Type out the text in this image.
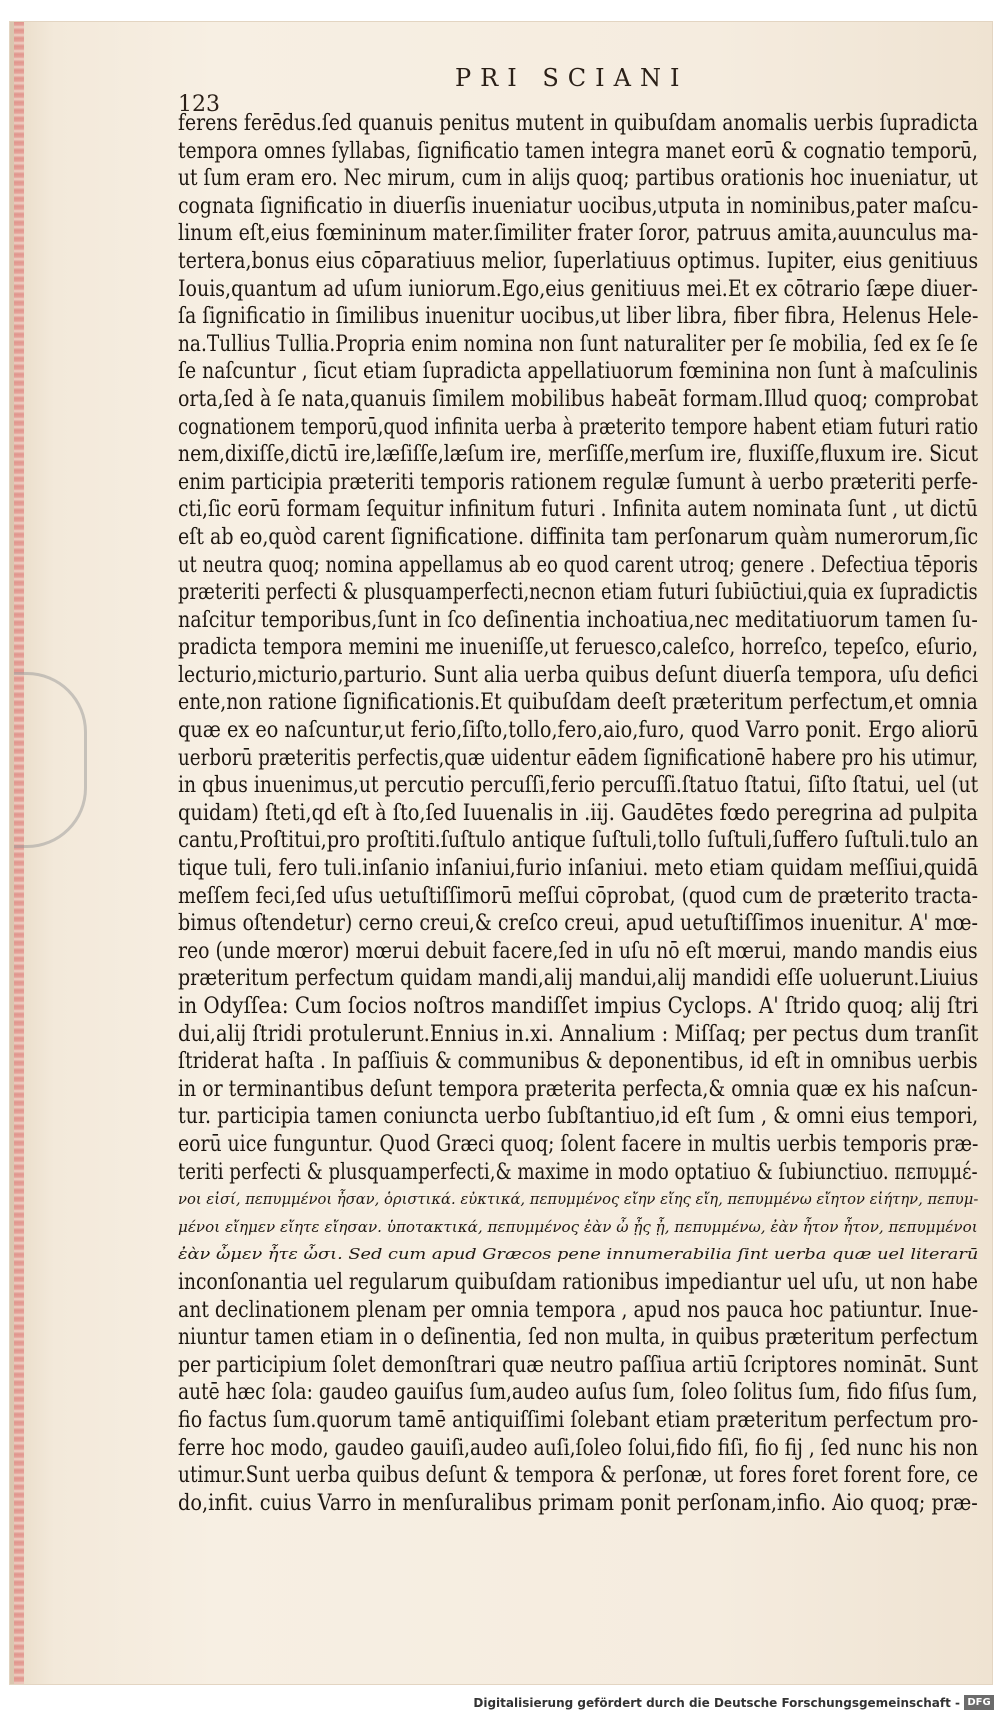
123
PRI SCIANI
ferens ferēdus.ſed quanuis penitus mutent in quibuſdam anomalis uerbis ſupradicta
tempora omnes ſyllabas, ſignificatio tamen integra manet eorū & cognatio temporū,
ut ſum eram ero. Nec mirum, cum in alijs quoq; partibus orationis hoc inueniatur, ut
cognata ſignificatio in diuerſis inueniatur uocibus,utputa in nominibus,pater maſcu-
linum eſt,eius fœmininum mater.ſimiliter frater ſoror, patruus amita,auunculus ma-
tertera,bonus eius cōparatiuus melior, ſuperlatiuus optimus. Iupiter, eius genitiuus
Iouis,quantum ad uſum iuniorum.Ego,eius genitiuus mei.Et ex cōtrario ſæpe diuer-
ſa ſignificatio in ſimilibus inuenitur uocibus,ut liber libra, fiber fibra, Helenus Hele-
na.Tullius Tullia.Propria enim nomina non ſunt naturaliter per ſe mobilia, ſed ex ſe ſe
ſe naſcuntur , ſicut etiam ſupradicta appellatiuorum fœminina non ſunt à maſculinis
orta,ſed à ſe nata,quanuis ſimilem mobilibus habeāt formam.Illud quoq; comprobat
cognationem temporū,quod infinita uerba à præterito tempore habent etiam futuri ratio
nem,dixiſſe,dictū ire,læſiſſe,læſum ire, merſiſſe,merſum ire, fluxiſſe,fluxum ire. Sicut
enim participia præteriti temporis rationem regulæ ſumunt à uerbo præteriti perfe-
cti,ſic eorū formam ſequitur infinitum futuri . Infinita autem nominata ſunt , ut dictū
eſt ab eo,quòd carent ſignificatione. diffinita tam perſonarum quàm numerorum,ſic
ut neutra quoq; nomina appellamus ab eo quod carent utroq; genere . Defectiua tēporis
præteriti perfecti & plusquamperfecti,necnon etiam futuri ſubiūctiui,quia ex ſupradictis
naſcitur temporibus,ſunt in ſco deſinentia inchoatiua,nec meditatiuorum tamen ſu-
pradicta tempora memini me inueniſſe,ut feruesco,caleſco, horreſco, tepeſco, eſurio,
lecturio,micturio,parturio. Sunt alia uerba quibus deſunt diuerſa tempora, uſu defici
ente,non ratione ſignificationis.Et quibuſdam deeſt præteritum perfectum,et omnia
quæ ex eo naſcuntur,ut ferio,ſiſto,tollo,fero,aio,furo, quod Varro ponit. Ergo aliorū
uerborū præteritis perfectis,quæ uidentur eādem ſignificationē habere pro his utimur,
in qbus inuenimus,ut percutio percuſſi,ferio percuſſi.ſtatuo ſtatui, ſiſto ſtatui, uel (ut
quidam) ſteti,qd eſt à ſto,ſed Iuuenalis in .iij. Gaudētes fœdo peregrina ad pulpita
cantu,Proſtitui,pro proſtiti.ſuſtulo antique ſuſtuli,tollo ſuſtuli,ſuffero ſuſtuli.tulo an
tique tuli, fero tuli.inſanio inſaniui,furio inſaniui. meto etiam quidam meſſiui,quidā
meſſem feci,ſed uſus uetuſtiſſimorū meſſui cōprobat, (quod cum de præterito tracta-
bimus oſtendetur) cerno creui,& creſco creui, apud uetuſtiſſimos inuenitur. A' mœ-
reo (unde mœror) mœrui debuit facere,ſed in uſu nō eſt mœrui, mando mandis eius
præteritum perfectum quidam mandi,alij mandui,alij mandidi eſſe uoluerunt.Liuius
in Odyſſea: Cum ſocios noſtros mandiſſet impius Cyclops. A' ſtrido quoq; alij ſtri
dui,alij ſtridi protulerunt.Ennius in.xi. Annalium : Miſſaq; per pectus dum tranſit
ſtriderat haſta . In paſſiuis & communibus & deponentibus, id eſt in omnibus uerbis
in or terminantibus deſunt tempora præterita perfecta,& omnia quæ ex his naſcun-
tur. participia tamen coniuncta uerbo ſubſtantiuo,id eſt ſum , & omni eius tempori,
eorū uice funguntur. Quod Græci quoq; ſolent facere in multis uerbis temporis præ-
teriti perfecti & plusquamperfecti,& maxime in modo optatiuo & ſubiunctiuo. πεπυμμέ-
νοι εἰσί, πεπυμμένοι ἦσαν, ὁριστικά. εὐκτικά, πεπυμμένος εἴην εἴης εἴη, πεπυμμένω εἴητον εἰήτην, πεπυμ-
μένοι εἴημεν εἴητε εἴησαν. ὑποτακτικά, πεπυμμένος ἐὰν ὦ ᾖς ᾖ, πεπυμμένω, ἐὰν ἦτον ἦτον, πεπυμμένοι
ἐὰν ὦμεν ἦτε ὦσι. Sed cum apud Græcos pene innumerabilia ſint uerba quæ uel literarū
inconſonantia uel regularum quibuſdam rationibus impediantur uel uſu, ut non habe
ant declinationem plenam per omnia tempora , apud nos pauca hoc patiuntur. Inue-
niuntur tamen etiam in o deſinentia, ſed non multa, in quibus præteritum perfectum
per participium ſolet demonſtrari quæ neutro paſſiua artiū ſcriptores nomināt. Sunt
autē hæc ſola: gaudeo gauiſus ſum,audeo auſus ſum, ſoleo ſolitus ſum, fido fiſus ſum,
fio factus ſum.quorum tamē antiquiſſimi ſolebant etiam præteritum perfectum pro-
ferre hoc modo, gaudeo gauiſi,audeo auſi,ſoleo ſolui,fido fiſi, fio fij , ſed nunc his non
utimur.Sunt uerba quibus deſunt & tempora & perſonæ, ut fores foret forent fore, ce
do,infit. cuius Varro in menſuralibus primam ponit perſonam,infio. Aio quoq; præ-
Digitalisierung gefördert durch die Deutsche Forschungsgemeinschaft - DFG
